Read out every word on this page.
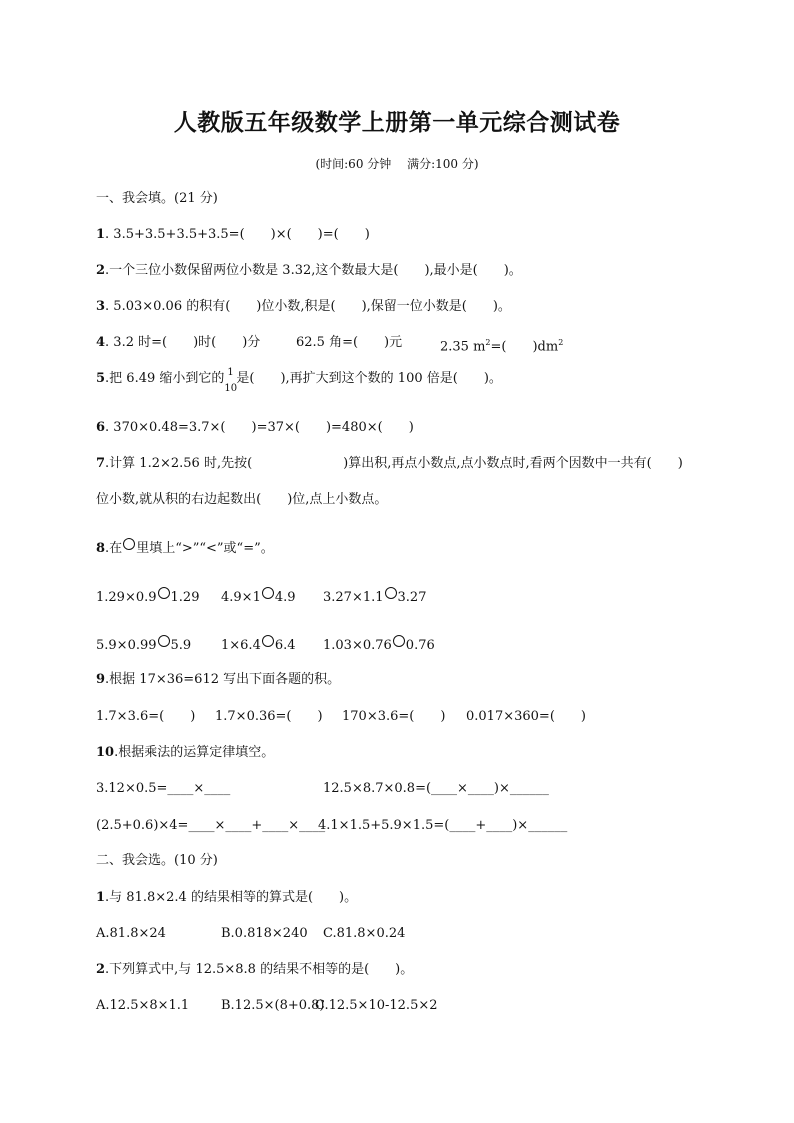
人教版五年级数学上册第一单元综合测试卷
(时间:60 分钟　 满分:100 分)
一、我会填。(21 分)
1. 3.5+3.5+3.5+3.5=(　　)×(　　)=(　　)
2.一个三位小数保留两位小数是 3.32,这个数最大是(　　),最小是(　　)。
3. 5.03×0.06 的积有(　　)位小数,积是(　　),保留一位小数是(　　)。
4. 3.2 时=(　　)时(　　)分	62.5 角=(　　)元	2.35 $m^2=$(　　)$dm^2$
5.把 6.49 缩小到它的 1
10
是(　　),再扩大到这个数的 100 倍是(　　)。
6. 370×0.48=3.7×(　　)=37×(　　)=480×(　　)
7.计算 1.2×2.56 时,先按(　　　　　　　)算出积,再点小数点,点小数点时,看两个因数中一共有(　　)
位小数,就从积的右边起数出(　　)位,点上小数点。
8.在 里填上“>”“<”或“=”。
1.29×0.9 1.29 4.9×1 4.9 3.27×1.1 3.27
5.9×0.99 5.9 1×6.4 6.4 1.03×0.76 0.76
9.根据 17×36=612 写出下面各题的积。
1.7×3.6=(　　) 1.7×0.36=(　　) 170×3.6=(　　) 0.017×360=(　　)
10.根据乘法的运算定律填空。
3.12×0.5=____×____	12.5×8.7×0.8=(____×____)×______
(2.5+0.6)×4=____×____+____×____
4.1×1.5+5.9×1.5=(____+____)×______
二、我会选。(10 分)
1.与 81.8×2.4 的结果相等的算式是(　　)。
A.81.8×24	B.0.818×240 C.81.8×0.24
2.下列算式中,与 12.5×8.8 的结果不相等的是(　　)。
A.12.5×8×1.1 B.12.5×(8+0.8)
C.12.5×10-12.5×2
